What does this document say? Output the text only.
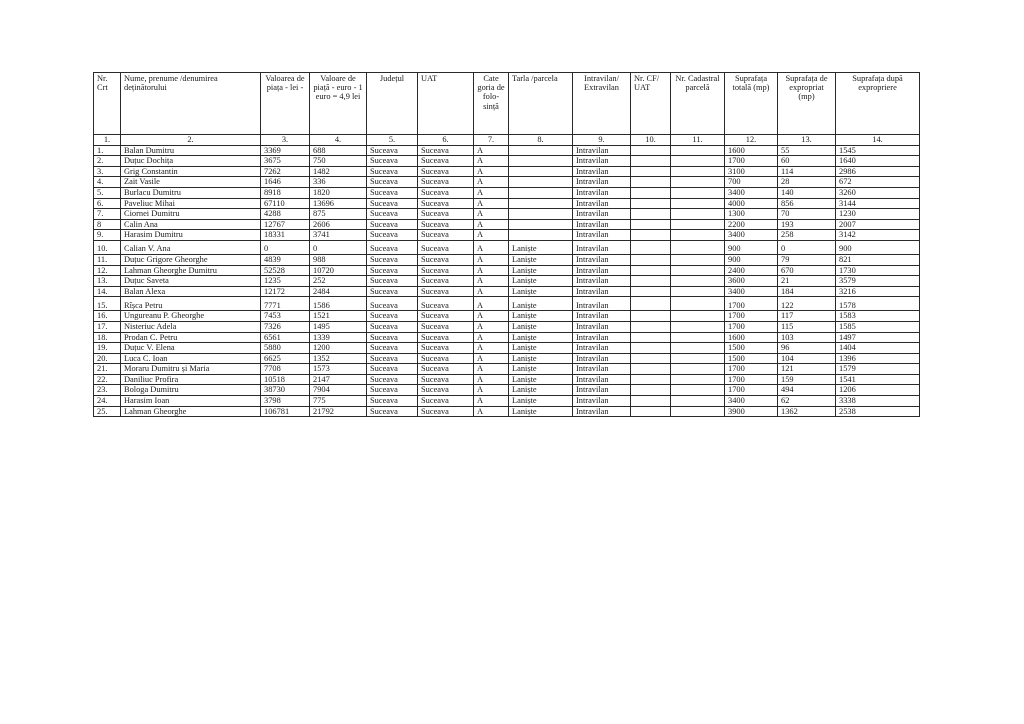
Nr. Crt	Nume, prenume /denumirea deținătorului	Valoarea de piața - lei -	Valoare de piață - euro - 1 euro = 4,9 lei	Județul	UAT	Cate goria de folo- sință	Tarla /parcela	Intravilan/ Extravilan	Nr. CF/ UAT	Nr. Cadastral parcelă	Suprafața totală (mp)	Suprafața de expropriat (mp)	Suprafața după expropriere
1.	2.	3.	4.	5.	6.	7.	8.	9.	10.	11.	12.	13.	14.
1.	Balan Dumitru	3369	688	Suceava	Suceava	A		Intravilan			1600	55	1545
2.	Duțuc Dochița	3675	750	Suceava	Suceava	A		Intravilan			1700	60	1640
3.	Grig Constantin	7262	1482	Suceava	Suceava	A		Intravilan			3100	114	2986
4.	Zait Vasile	1646	336	Suceava	Suceava	A		Intravilan			700	28	672
5.	Burlacu Dumitru	8918	1820	Suceava	Suceava	A		Intravilan			3400	140	3260
6.	Paveliuc Mihai	67110	13696	Suceava	Suceava	A		Intravilan			4000	856	3144
7.	Ciornei Dumitru	4288	875	Suceava	Suceava	A		Intravilan			1300	70	1230
8	Calin Ana	12767	2606	Suceava	Suceava	A		Intravilan			2200	193	2007
9.	Harasim Dumitru	18331	3741	Suceava	Suceava	A		Intravilan			3400	258	3142
10.	Calian V. Ana	0	0	Suceava	Suceava	A	Laniște	Intravilan			900	0	900
11.	Duțuc Grigore Gheorghe	4839	988	Suceava	Suceava	A	Laniște	Intravilan			900	79	821
12.	Lahman Gheorghe Dumitru	52528	10720	Suceava	Suceava	A	Laniște	Intravilan			2400	670	1730
13.	Duțuc Saveta	1235	252	Suceava	Suceava	A	Laniște	Intravilan			3600	21	3579
14.	Balan Alexa	12172	2484	Suceava	Suceava	A	Laniște	Intravilan			3400	184	3216
15.	Rîșca Petru	7771	1586	Suceava	Suceava	A	Laniște	Intravilan			1700	122	1578
16.	Ungureanu P. Gheorghe	7453	1521	Suceava	Suceava	A	Laniște	Intravilan			1700	117	1583
17.	Nisteriuc Adela	7326	1495	Suceava	Suceava	A	Laniște	Intravilan			1700	115	1585
18.	Prodan C. Petru	6561	1339	Suceava	Suceava	A	Laniște	Intravilan			1600	103	1497
19.	Duțuc V. Elena	5880	1200	Suceava	Suceava	A	Laniște	Intravilan			1500	96	1404
20.	Luca C. Ioan	6625	1352	Suceava	Suceava	A	Laniște	Intravilan			1500	104	1396
21.	Moraru Dumitru și Maria	7708	1573	Suceava	Suceava	A	Laniște	Intravilan			1700	121	1579
22.	Daniliuc Profira	10518	2147	Suceava	Suceava	A	Laniște	Intravilan			1700	159	1541
23.	Bologa Dumitru	38730	7904	Suceava	Suceava	A	Laniște	Intravilan			1700	494	1206
24.	Harasim Ioan	3798	775	Suceava	Suceava	A	Laniște	Intravilan			3400	62	3338
25.	Lahman Gheorghe	106781	21792	Suceava	Suceava	A	Laniște	Intravilan			3900	1362	2538
